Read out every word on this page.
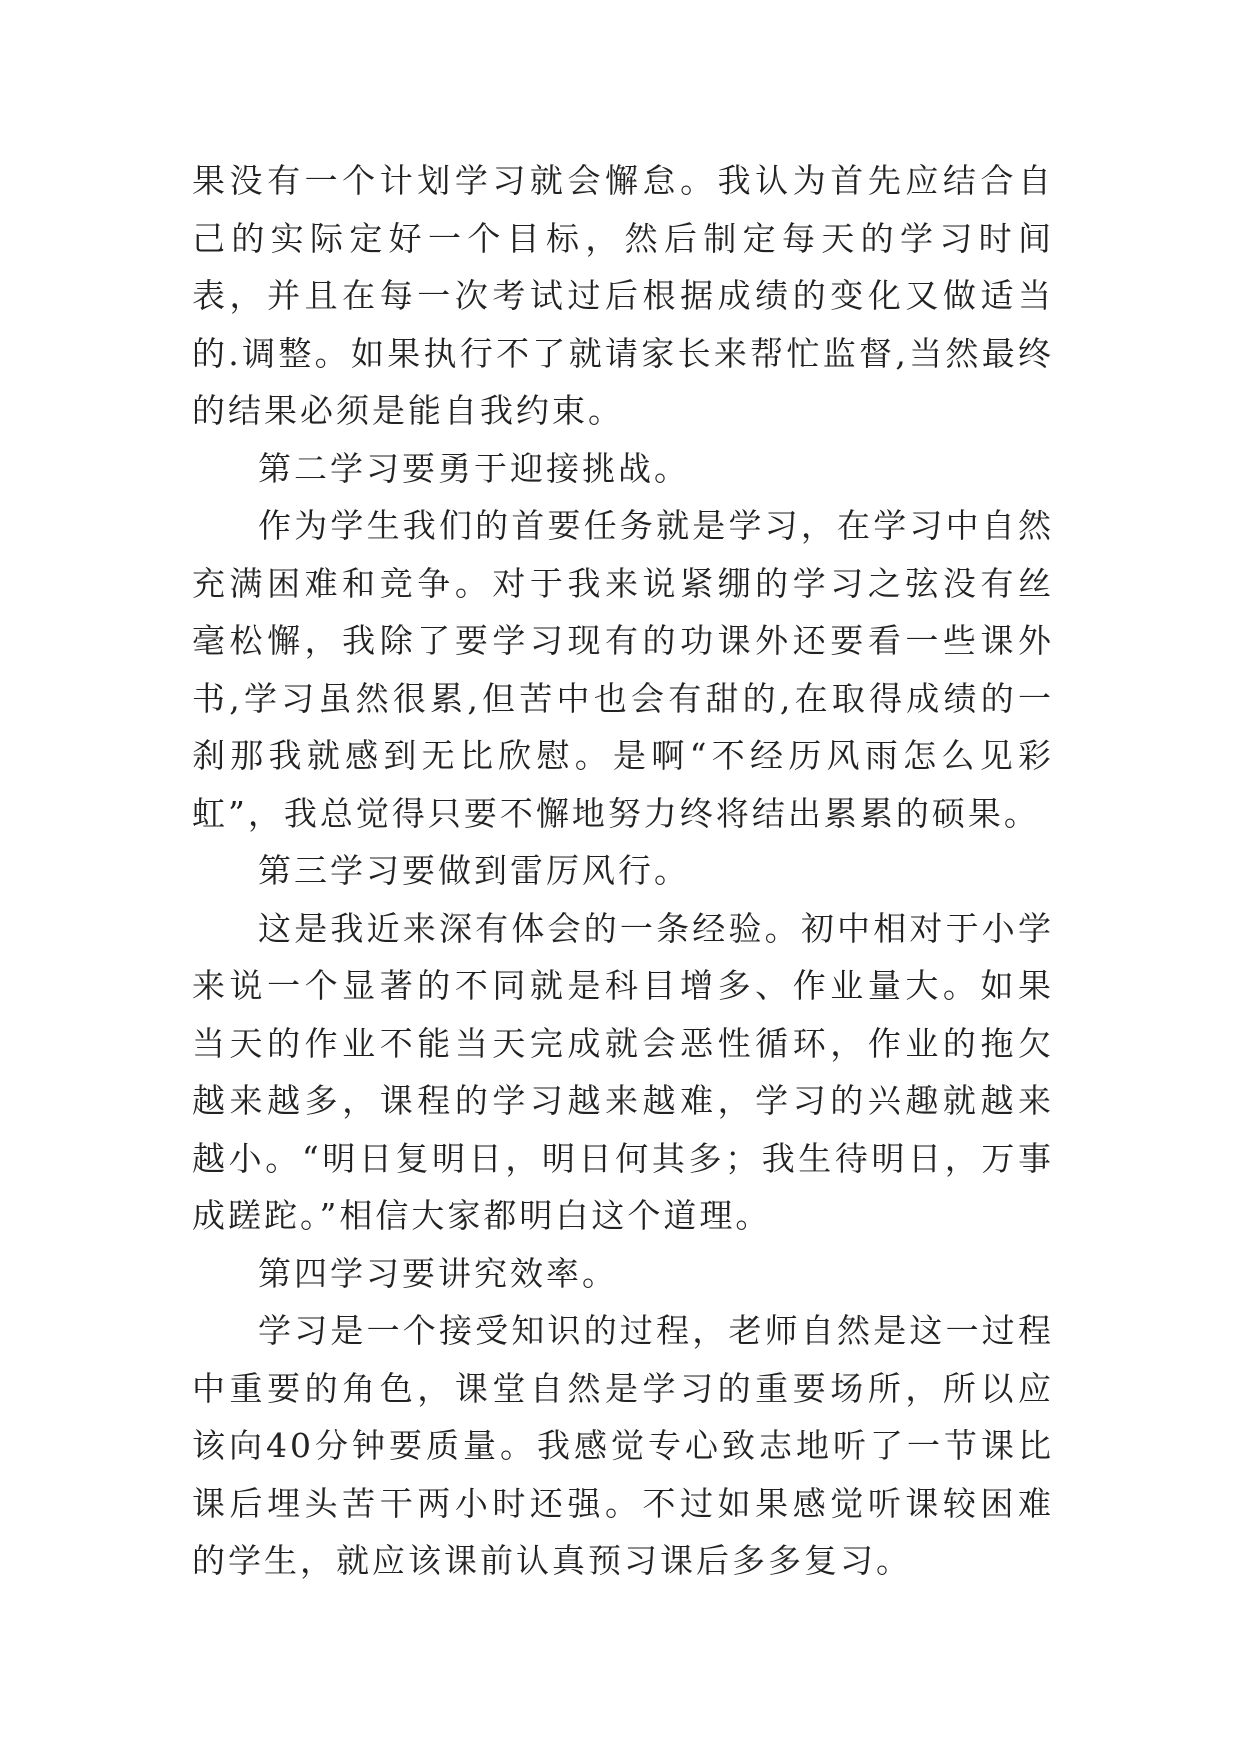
果没有一个计划学习就会懈怠。我认为首先应结合自己的实际定好一个目标，然后制定每天的学习时间表，并且在每一次考试过后根据成绩的变化又做适当的.调整。如果执行不了就请家长来帮忙监督,当然最终的结果必须是能自我约束。

第二学习要勇于迎接挑战。

作为学生我们的首要任务就是学习，在学习中自然充满困难和竞争。对于我来说紧绷的学习之弦没有丝毫松懈，我除了要学习现有的功课外还要看一些课外书,学习虽然很累,但苦中也会有甜的,在取得成绩的一刹那我就感到无比欣慰。是啊“不经历风雨怎么见彩虹”，我总觉得只要不懈地努力终将结出累累的硕果。

第三学习要做到雷厉风行。

这是我近来深有体会的一条经验。初中相对于小学来说一个显著的不同就是科目增多、作业量大。如果当天的作业不能当天完成就会恶性循环，作业的拖欠越来越多，课程的学习越来越难，学习的兴趣就越来越小。“明日复明日，明日何其多；我生待明日，万事成蹉跎。”相信大家都明白这个道理。

第四学习要讲究效率。

学习是一个接受知识的过程，老师自然是这一过程中重要的角色，课堂自然是学习的重要场所，所以应该向40分钟要质量。我感觉专心致志地听了一节课比课后埋头苦干两小时还强。不过如果感觉听课较困难的学生，就应该课前认真预习课后多多复习。
